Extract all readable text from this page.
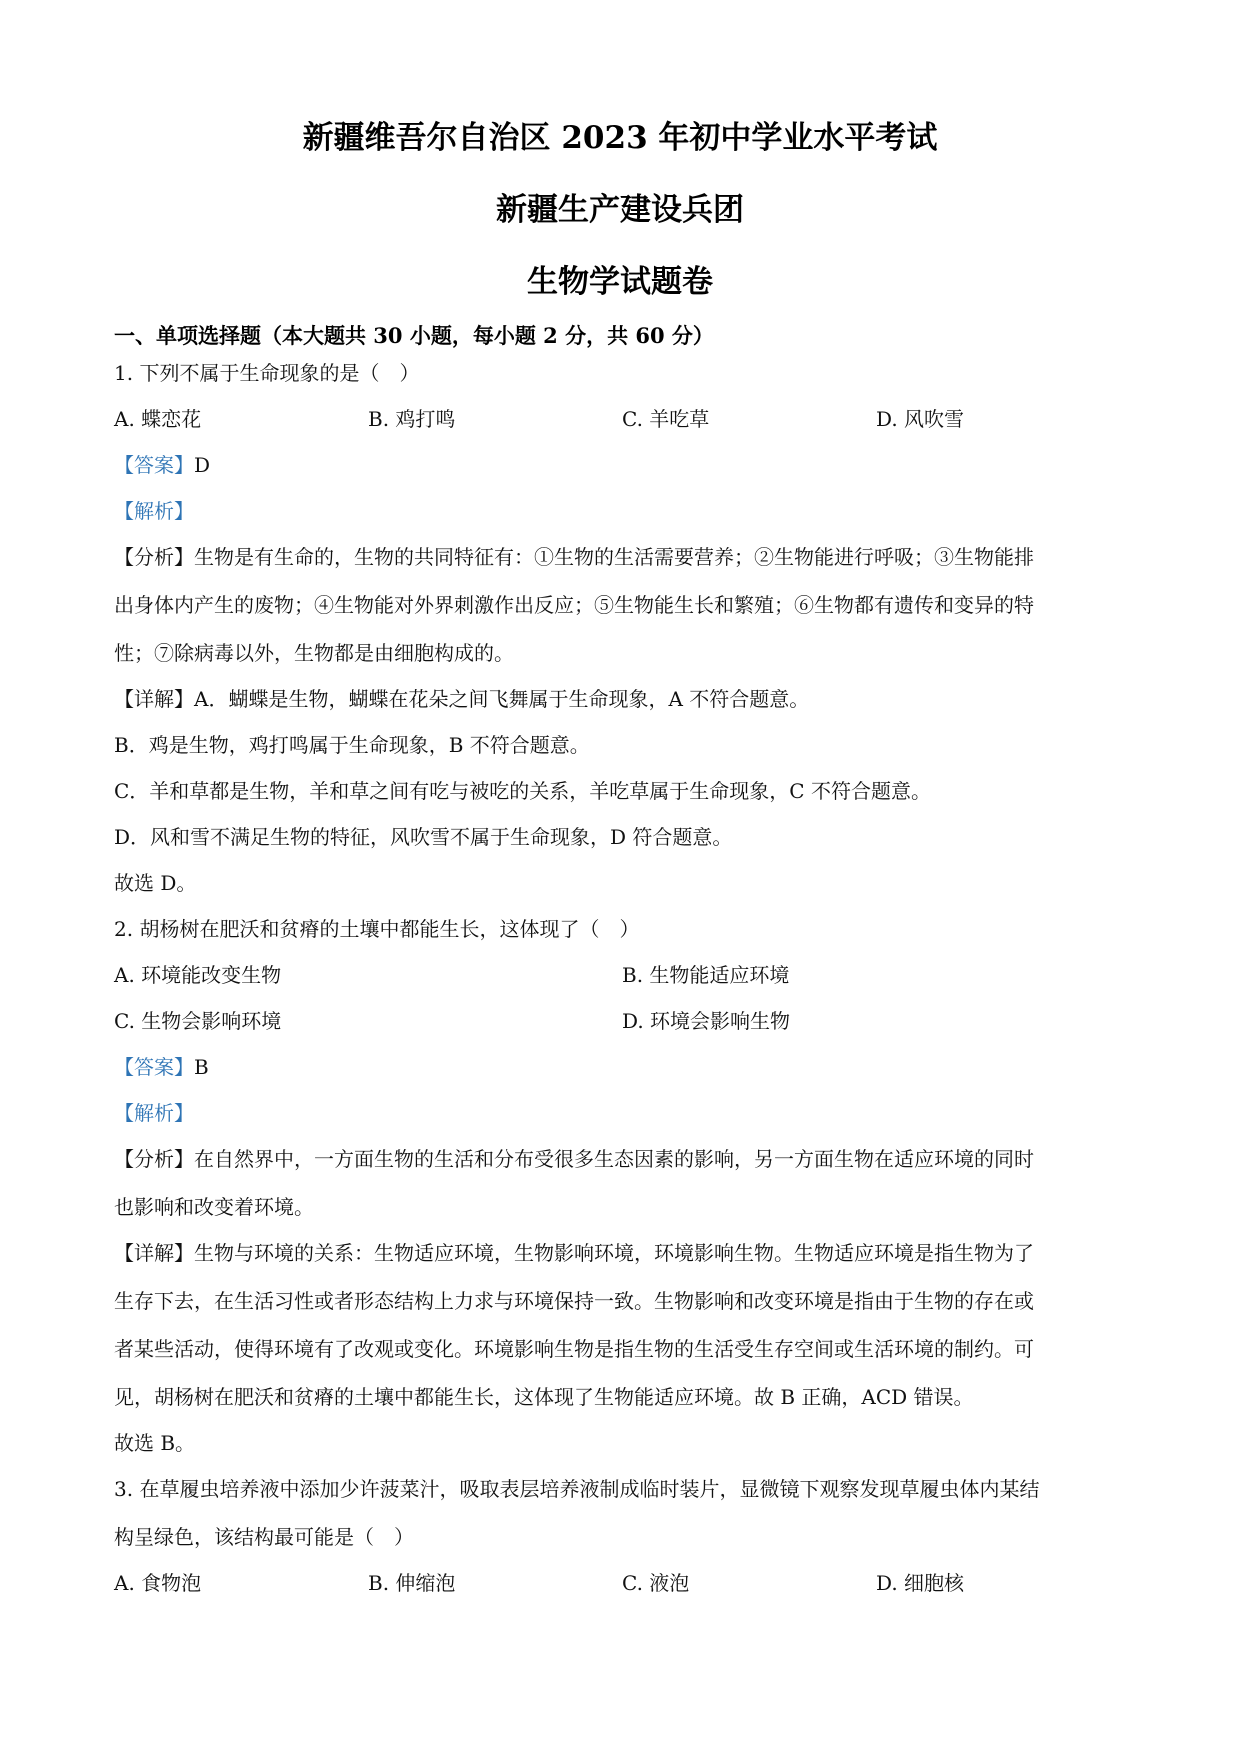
新疆维吾尔自治区 2023 年初中学业水平考试
新疆生产建设兵团
生物学试题卷
一、单项选择题（本大题共 30 小题，每小题 2 分，共 60 分）
1. 下列不属于生命现象的是（　）
A. 蝶恋花	B. 鸡打鸣	C. 羊吃草	D. 风吹雪
【答案】D
【解析】
【分析】生物是有生命的，生物的共同特征有：①生物的生活需要营养；②生物能进行呼吸；③生物能排
出身体内产生的废物；④生物能对外界刺激作出反应；⑤生物能生长和繁殖；⑥生物都有遗传和变异的特
性；⑦除病毒以外，生物都是由细胞构成的。
【详解】A．蝴蝶是生物，蝴蝶在花朵之间飞舞属于生命现象，A 不符合题意。
B．鸡是生物，鸡打鸣属于生命现象，B 不符合题意。
C．羊和草都是生物，羊和草之间有吃与被吃的关系，羊吃草属于生命现象，C 不符合题意。
D．风和雪不满足生物的特征，风吹雪不属于生命现象，D 符合题意。
故选 D。
2. 胡杨树在肥沃和贫瘠的土壤中都能生长，这体现了（　）
A. 环境能改变生物	B. 生物能适应环境
C. 生物会影响环境	D. 环境会影响生物
【答案】B
【解析】
【分析】在自然界中，一方面生物的生活和分布受很多生态因素的影响，另一方面生物在适应环境的同时
也影响和改变着环境。
【详解】生物与环境的关系：生物适应环境，生物影响环境，环境影响生物。生物适应环境是指生物为了
生存下去，在生活习性或者形态结构上力求与环境保持一致。生物影响和改变环境是指由于生物的存在或
者某些活动，使得环境有了改观或变化。环境影响生物是指生物的生活受生存空间或生活环境的制约。可
见，胡杨树在肥沃和贫瘠的土壤中都能生长，这体现了生物能适应环境。故 B 正确，ACD 错误。
故选 B。
3. 在草履虫培养液中添加少许菠菜汁，吸取表层培养液制成临时装片，显微镜下观察发现草履虫体内某结
构呈绿色，该结构最可能是（　）
A. 食物泡	B. 伸缩泡	C. 液泡	D. 细胞核
